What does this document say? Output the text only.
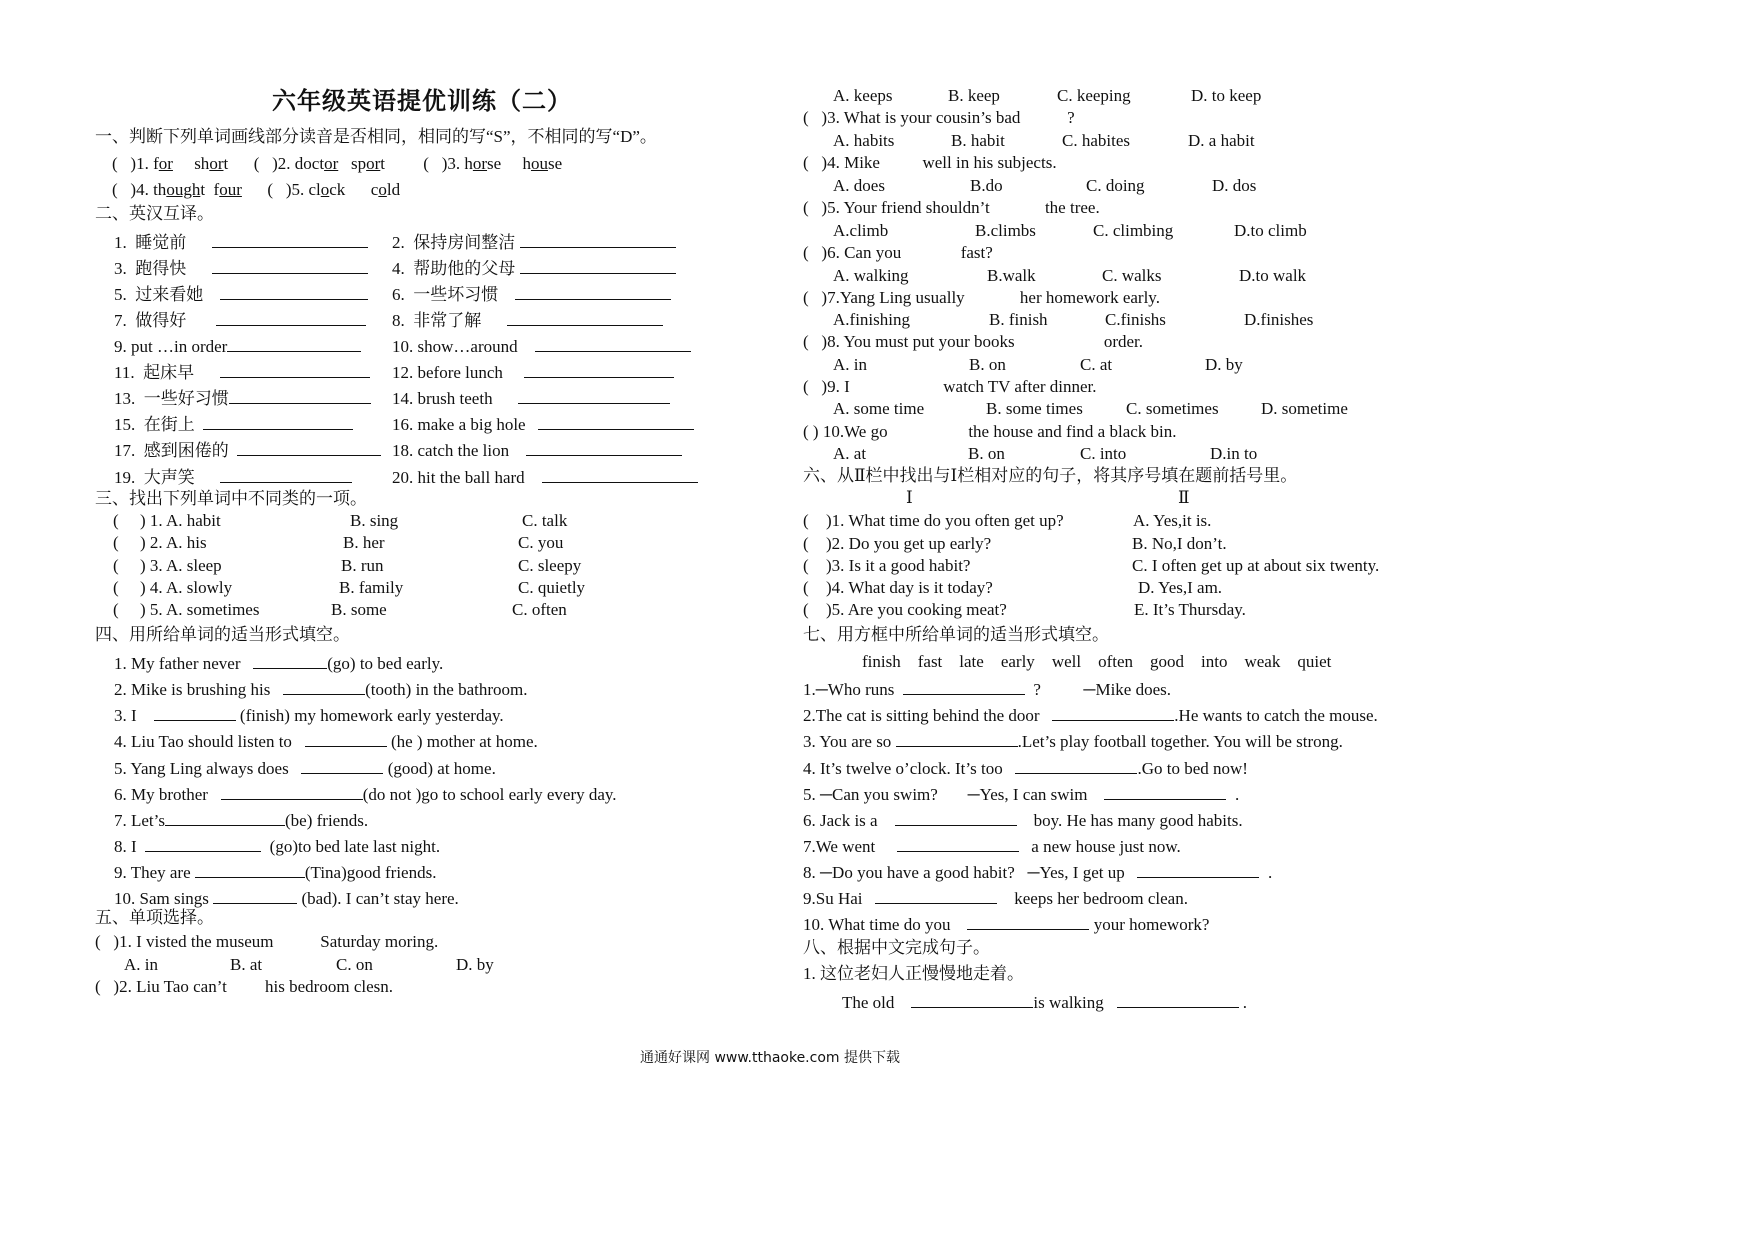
六年级英语提优训练（二）
一、判断下列单词画线部分读音是否相同，相同的写“S”，不相同的写“D”。
( )1. for short ( )2. doctor sport ( )3. horse house
( )4. thought four ( )5. clock cold
二、英汉互译。
1.  睡觉前	2.  保持房间整洁
3.  跑得快	4.  帮助他的父母
5.  过来看她	6.  一些坏习惯
7.  做得好	8.  非常了解
9. put …in order	10. show…around
11.  起床早	12. before lunch
13.  一些好习惯	14. brush teeth
15.  在街上	16. make a big hole
17.  感到困倦的	18. catch the lion
19.  大声笑	20. hit the ball hard
三、找出下列单词中不同类的一项。
( ) 1. A. habit	B. sing	C. talk
( ) 2. A. his	B. her	C. you
( ) 3. A. sleep	B. run	C. sleepy
( ) 4. A. slowly	B. family	C. quietly
( ) 5. A. sometimes	B. some	C. often
四、用所给单词的适当形式填空。
1. My father never	(go) to bed early.
2. Mike is brushing his	(tooth) in the bathroom.
3. I	(finish) my homework early yesterday.
4. Liu Tao should listen to	(he ) mother at home.
5. Yang Ling always does	(good) at home.
6. My brother	(do not )go to school early every day.
7. Let’s	(be) friends.
8. I	(go)to bed late last night.
9. They are	(Tina)good friends.
10. Sam sings	(bad). I can’t stay here.
五、单项选择。
( )1. I visted the museum	Saturday moring.
A. in	B. at	C. on	D. by
( )2. Liu Tao can’t his bedroom clesn.
A. keeps	B. keep	C. keeping	D. to keep
( )3. What is your cousin’s bad	?
A. habits	B. habit	C. habites	D. a habit
( )4. Mike	well in his subjects.
A. does	B.do	C. doing	D. dos
( )5. Your friend shouldn’t	the tree.
A.climb	B.climbs	C. climbing	D.to climb
( )6. Can you	fast?
A. walking	B.walk	C. walks	D.to walk
( )7.Yang Ling usually	her homework early.
A.finishing	B. finish	C.finishs	D.finishes
( )8. You must put your books	order.
A. in	B. on	C. at	D. by
( )9. I	watch TV after dinner.
A. some time	B. some times	C. sometimes D. sometime
( ) 10.We go	the house and find a black bin.
A. at	B. on	C. into	D.in to
六、从Ⅱ栏中找出与Ⅰ栏相对应的句子，将其序号填在题前括号里。
Ⅰ	Ⅱ
( )1. What time do you often get up?	A. Yes,it is.
( )2. Do you get up early?	B. No,I don’t.
( )3. Is it a good habit?	C. I often get up at about six twenty.
( )4. What day is it today?	D. Yes,I am.
( )5. Are you cooking meat?	E. It’s Thursday.
七、用方框中所给单词的适当形式填空。
finish fast late early well often good into weak quiet
1.─Who runs	?	─Mike does.
2.The cat is sitting behind the door	.He wants to catch the mouse.
3. You are so	.Let’s play football together. You will be strong.
4. It’s twelve o’clock. It’s too	.Go to bed now!
5. ─Can you swim? ─Yes, I can swim	.
6. Jack is a	boy. He has many good habits.
7.We went	a new house just now.
8. ─Do you have a good habit? ─Yes, I get up	.
9.Su Hai	keeps her bedroom clean.
10. What time do you	your homework?
八、根据中文完成句子。
1. 这位老妇人正慢慢地走着。
The old	is walking	.
通通好课网 www.tthaoke.com 提供下载
